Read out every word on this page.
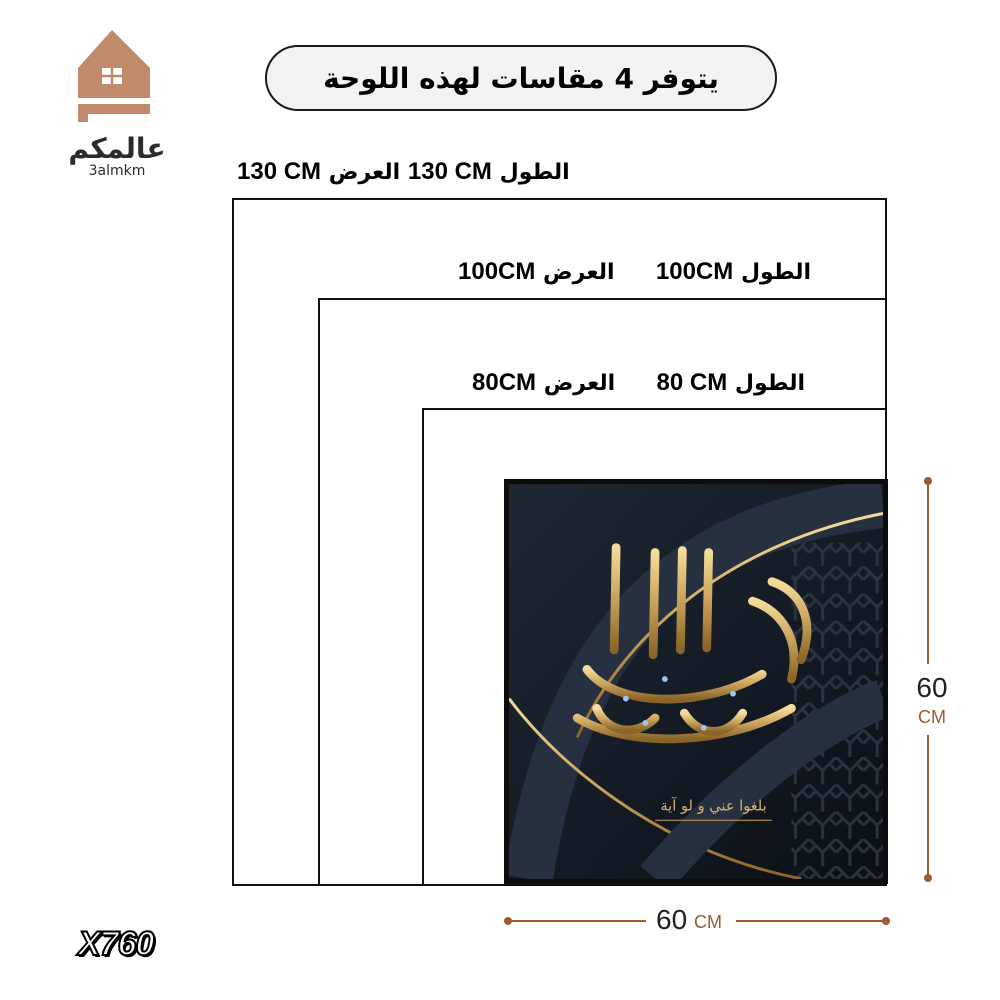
عالمكم
3almkm
يتوفر 4 مقاسات لهذه اللوحة
الطول 130 CM العرض 130 CM
الطول 100CM  العرض 100CM
الطول 80 CM  العرض 80CM
بلغوا عني و لو آية
60
CM
60 CM
X760
